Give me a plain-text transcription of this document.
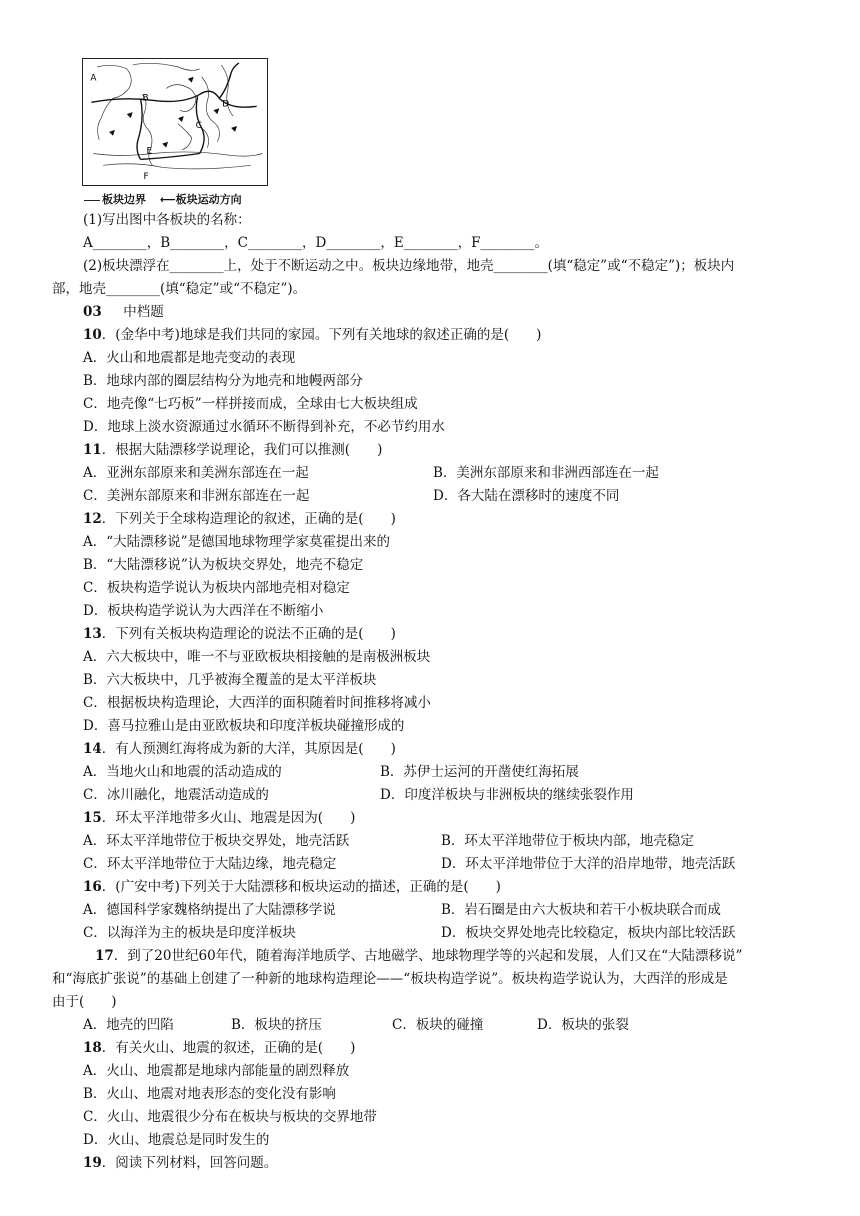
A
B
C
D
E
F
板块边界 ⟵板块运动方向
(1)写出图中各板块的名称：
A________，B________，C________，D________，E________，F________。
(2)板块漂浮在________上，处于不断运动之中。板块边缘地带，地壳________(填“稳定”或“不稳定”)；板块内
部，地壳________(填“稳定”或“不稳定”)。
03 中档题
10．(金华中考)地球是我们共同的家园。下列有关地球的叙述正确的是(　　)
A．火山和地震都是地壳变动的表现
B．地球内部的圈层结构分为地壳和地幔两部分
C．地壳像“七巧板”一样拼接而成，全球由七大板块组成
D．地球上淡水资源通过水循环不断得到补充，不必节约用水
11．根据大陆漂移学说理论，我们可以推测(　　)
A．亚洲东部原来和美洲东部连在一起	B．美洲东部原来和非洲西部连在一起
C．美洲东部原来和非洲东部连在一起	D．各大陆在漂移时的速度不同
12．下列关于全球构造理论的叙述，正确的是(　　)
A．“大陆漂移说”是德国地球物理学家莫霍提出来的
B．“大陆漂移说”认为板块交界处，地壳不稳定
C．板块构造学说认为板块内部地壳相对稳定
D．板块构造学说认为大西洋在不断缩小
13．下列有关板块构造理论的说法不正确的是(　　)
A．六大板块中，唯一不与亚欧板块相接触的是南极洲板块
B．六大板块中，几乎被海全覆盖的是太平洋板块
C．根据板块构造理论，大西洋的面积随着时间推移将减小
D．喜马拉雅山是由亚欧板块和印度洋板块碰撞形成的
14．有人预测红海将成为新的大洋，其原因是(　　)
A．当地火山和地震的活动造成的	B．苏伊士运河的开凿使红海拓展
C．冰川融化，地震活动造成的	D．印度洋板块与非洲板块的继续张裂作用
15．环太平洋地带多火山、地震是因为(　　)
A．环太平洋地带位于板块交界处，地壳活跃	B．环太平洋地带位于板块内部，地壳稳定
C．环太平洋地带位于大陆边缘，地壳稳定	D．环太平洋地带位于大洋的沿岸地带，地壳活跃
16．(广安中考)下列关于大陆漂移和板块运动的描述，正确的是(　　)
A．德国科学家魏格纳提出了大陆漂移学说	B．岩石圈是由六大板块和若干小板块联合而成
C．以海洋为主的板块是印度洋板块	D．板块交界处地壳比较稳定，板块内部比较活跃
17．到了20世纪60年代，随着海洋地质学、古地磁学、地球物理学等的兴起和发展，人们又在“大陆漂移说”
和“海底扩张说”的基础上创建了一种新的地球构造理论——“板块构造学说”。板块构造学说认为，大西洋的形成是
由于(　　)
A．地壳的凹陷	B．板块的挤压	C．板块的碰撞	D．板块的张裂
18．有关火山、地震的叙述，正确的是(　　)
A．火山、地震都是地球内部能量的剧烈释放
B．火山、地震对地表形态的变化没有影响
C．火山、地震很少分布在板块与板块的交界地带
D．火山、地震总是同时发生的
19．阅读下列材料，回答问题。
